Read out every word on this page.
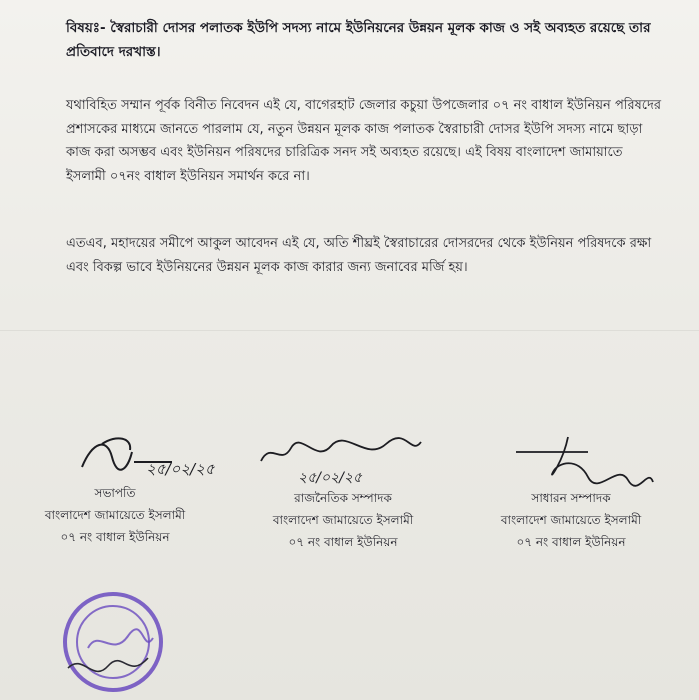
বিষয়ঃ- স্বৈরাচারী দোসর পলাতক ইউপি সদস্য নামে ইউনিয়নের উন্নয়ন মূলক কাজ ও সই অব্যহত রয়েছে তার প্রতিবাদে দরখাস্ত।
যথাবিহিত সম্মান পূর্বক বিনীত নিবেদন এই যে, বাগেরহাট জেলার কচুয়া উপজেলার ০৭ নং বাধাল ইউনিয়ন পরিষদের প্রশাসকের মাধ্যমে জানতে পারলাম যে, নতুন উন্নয়ন মূলক কাজ পলাতক স্বৈরাচারী দোসর ইউপি সদস্য নামে ছাড়া কাজ করা অসম্ভব এবং ইউনিয়ন পরিষদের চারিত্রিক সনদ সই অব্যহত রয়েছে। এই বিষয় বাংলাদেশ জামায়াতে ইসলামী ০৭নং বাধাল ইউনিয়ন সমার্থন করে না।
এতএব, মহাদয়ের সমীপে আকুল আবেদন এই যে, অতি শীঘ্রই স্বৈরাচারের দোসরদের থেকে ইউনিয়ন পরিষদকে রক্ষা এবং বিকল্প ভাবে ইউনিয়নের উন্নয়ন মূলক কাজ কারার জন্য জনাবের মর্জি হয়।
২৫/০২/২৫
সভাপতি
বাংলাদেশ জামায়েতে ইসলামী
০৭ নং বাধাল ইউনিয়ন
২৫/০২/২৫
রাজনৈতিক সম্পাদক
বাংলাদেশ জামায়েতে ইসলামী
০৭ নং বাধাল ইউনিয়ন
সাধারন সম্পাদক
বাংলাদেশ জামায়েতে ইসলামী
০৭ নং বাধাল ইউনিয়ন
